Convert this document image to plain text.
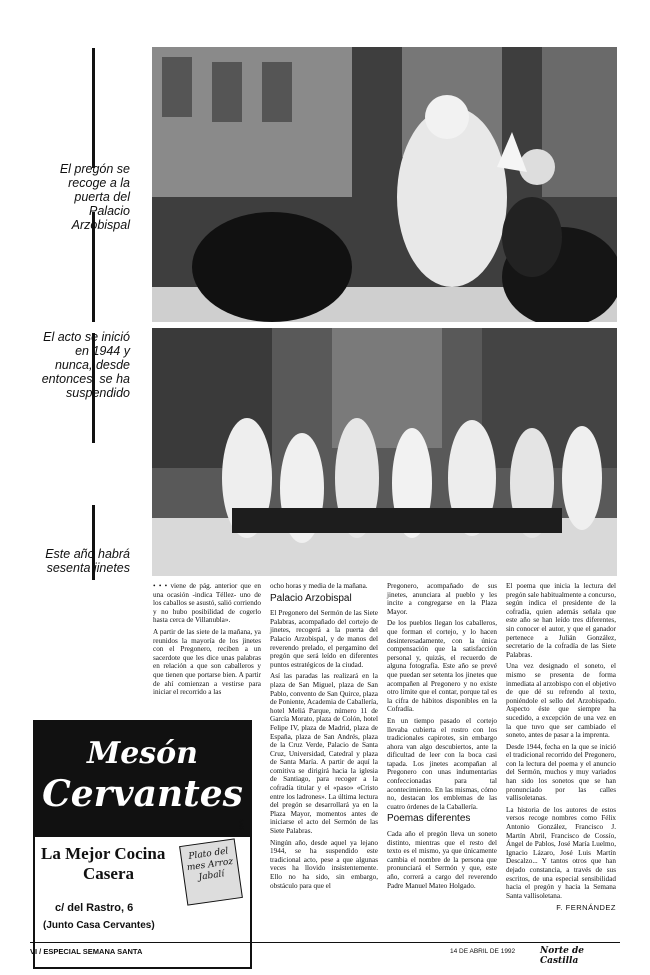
El pregón se recoge a la puerta del Palacio Arzobispal
El acto se inició en 1944 y nunca, desde entonces, se ha suspendido
Este año habrá sesenta jinetes

• • • viene de pág. anterior que en una ocasión -indica Téllez- uno de los caballos se asustó, salió corriendo y no hubo posibilidad de cogerlo hasta cerca de Villanubla».

A partir de las siete de la mañana, ya reunidos la mayoría de los jinetes con el Pregonero, reciben a un sacerdote que les dice unas palabras en relación a que son caballeros y que tienen que portarse bien. A partir de ahí comienzan a vestirse para iniciar el recorrido a las

ocho horas y media de la mañana.

Palacio Arzobispal

El Pregonero del Sermón de las Siete Palabras, acompañado del cortejo de jinetes, recogerá a la puerta del Palacio Arzobispal, y de manos del reverendo prelado, el pergamino del pregón que será leído en diferentes puntos estratégicos de la ciudad.

Así las paradas las realizará en la plaza de San Miguel, plaza de San Pablo, convento de San Quirce, plaza de Poniente, Academia de Caballería, hotel Meliá Parque, número 11 de García Morato, plaza de Colón, hotel Felipe IV, plaza de Madrid, plaza de España, plaza de San Andrés, plaza de la Cruz Verde, Palacio de Santa Cruz, Universidad, Catedral y plaza de Santa María. A partir de aquí la comitiva se dirigirá hacia la iglesia de Santiago, para recoger a la cofradía titular y el «paso» «Cristo entre los ladrones». La última lectura del pregón se desarrollará ya en la Plaza Mayor, momentos antes de iniciarse el acto del Sermón de las Siete Palabras.

Ningún año, desde aquel ya lejano 1944, se ha suspendido este tradicional acto, pese a que algunas veces ha llovido insistentemente. Ello no ha sido, sin embargo, obstáculo para que el

Pregonero, acompañado de sus jinetes, anunciara al pueblo y les incite a congregarse en la Plaza Mayor.

De los pueblos llegan los caballeros, que forman el cortejo, y lo hacen desinteresadamente, con la única compensación que la satisfacción personal y, quizás, el recuerdo de alguna fotografía. Este año se prevé que puedan ser setenta los jinetes que acompañen al Pregonero y no existe otro límite que el contar, porque tal es la cifra de hábitos disponibles en la Cofradía.

En un tiempo pasado el cortejo llevaba cubierta el rostro con los tradicionales capirotes, sin embargo ahora van algo descubiertos, ante la dificultad de leer con la boca casi tapada. Los jinetes acompañan al Pregonero con unas indumentarias confeccionadas para tal acontecimiento. En las mismas, cómo no, destacan los emblemas de las cuatro órdenes de la Caballería.

Poemas diferentes

Cada año el pregón lleva un soneto distinto, mientras que el resto del texto es el mismo, ya que únicamente cambia el nombre de la persona que pronunciará el Sermón y que, este año, correrá a cargo del reverendo Padre Manuel Mateo Holgado.

El poema que inicia la lectura del pregón sale habitualmente a concurso, según indica el presidente de la cofradía, quien además señala que este año se han leído tres diferentes, sin conocer el autor, y que el ganador pertenece a Julián González, secretario de la cofradía de las Siete Palabras.

Una vez designado el soneto, el mismo se presenta de forma inmediata al arzobispo con el objetivo de que dé su refrendo al texto, poniéndole el sello del Arzobispado. Aspecto éste que siempre ha sucedido, a excepción de una vez en la que tuvo que ser cambiado el soneto, antes de pasar a la imprenta.

Desde 1944, fecha en la que se inició el tradicional recorrido del Pregonero, con la lectura del poema y el anuncio del Sermón, muchos y muy variados han sido los sonetos que se han pronunciado por las calles vallisoletanas.

La historia de los autores de estos versos recoge nombres como Félix Antonio González, Francisco J. Martín Abril, Francisco de Cossío, Ángel de Pablos, José María Luelmo, Ignacio Lázaro, José Luis Martín Descalzo... Y tantos otros que han dejado constancia, a través de sus escritos, de una especial sensibilidad hacia el pregón y hacia la Semana Santa vallisoletana.

F. FERNÁNDEZ
Mesón
Cervantes
La Mejor Cocina
Casera
c/ del Rastro, 6
(Junto Casa Cervantes)
Plato del mes Arroz Jabalí
SAIS
VI / ESPECIAL SEMANA SANTA	14 DE ABRIL DE 1992	Norte de Castilla
